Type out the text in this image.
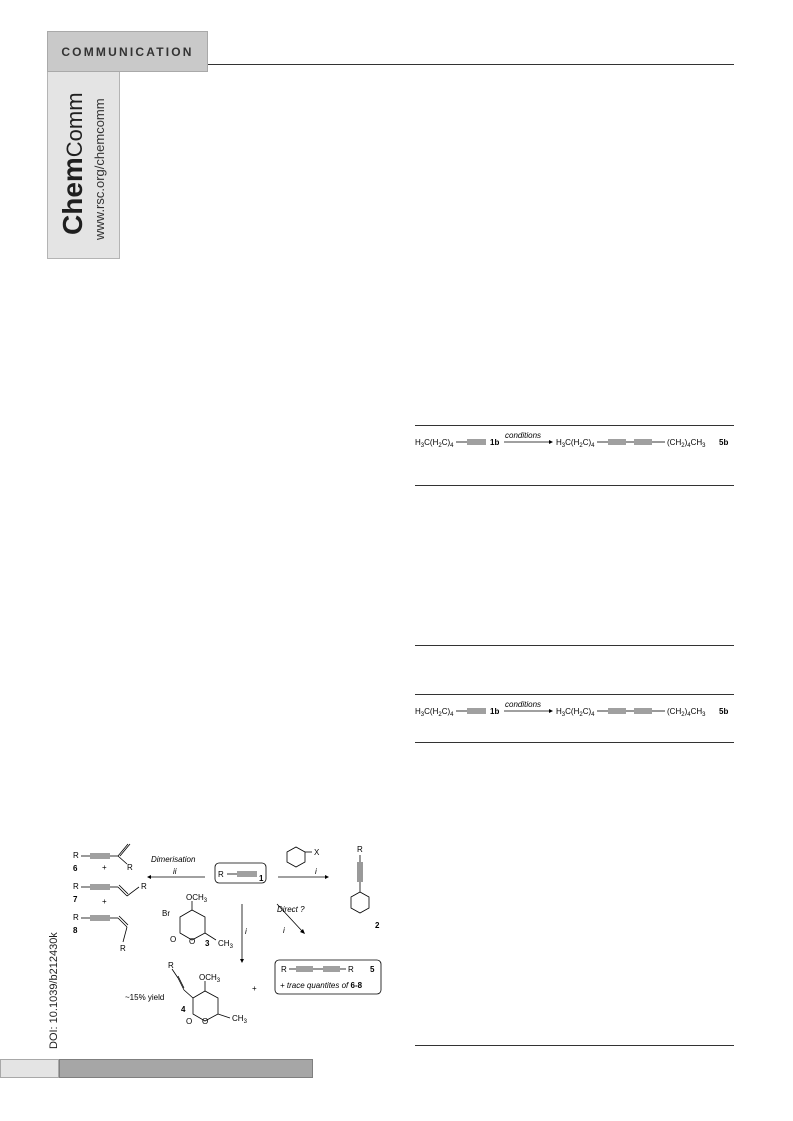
COMMUNICATION
ChemComm www.rsc.org/chemcomm
DOI: 10.1039/b212430k
$H_3C(H_2C)_4$	1b
conditions
$H_3C(H_2C)_4$	$(CH_2)_4CH_3$ 5b
$H_3C(H_2C)_4$	1b
conditions
$H_3C(H_2C)_4$	$(CH_2)_4CH_3$ 5b
R
R
6	+
R	R
7	+
R
R
8
Dimerisation
ii	R	1
X
i
R
2
$OCH_3$
Br
O O 3 $CH_3$
i
Direct ?
i
R
$OCH_3$
~15% yield
4
O O	$CH_3$
+
R	R 5
+ trace quantites of 6-8
